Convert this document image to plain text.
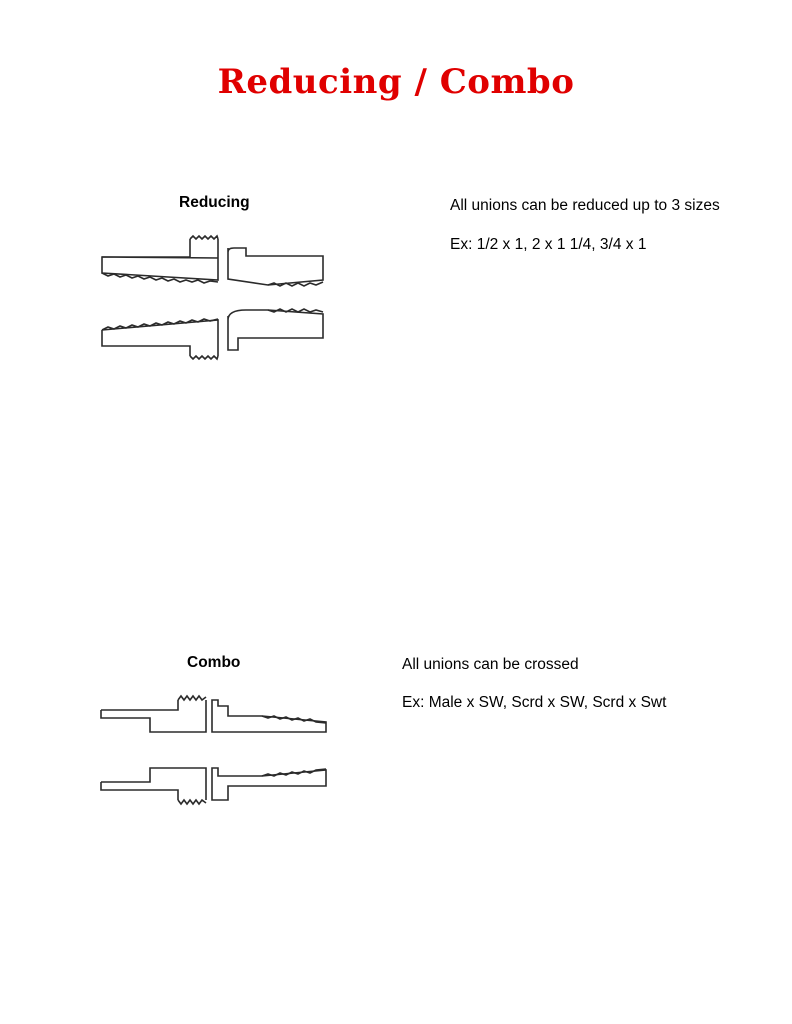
Reducing / Combo

Reducing	All unions can be reduced up to 3 sizes

Ex: 1/2 x 1, 2 x 1 1/4, 3/4 x 1

Combo	All unions can be crossed

Ex: Male x SW, Scrd x SW, Scrd x Swt
